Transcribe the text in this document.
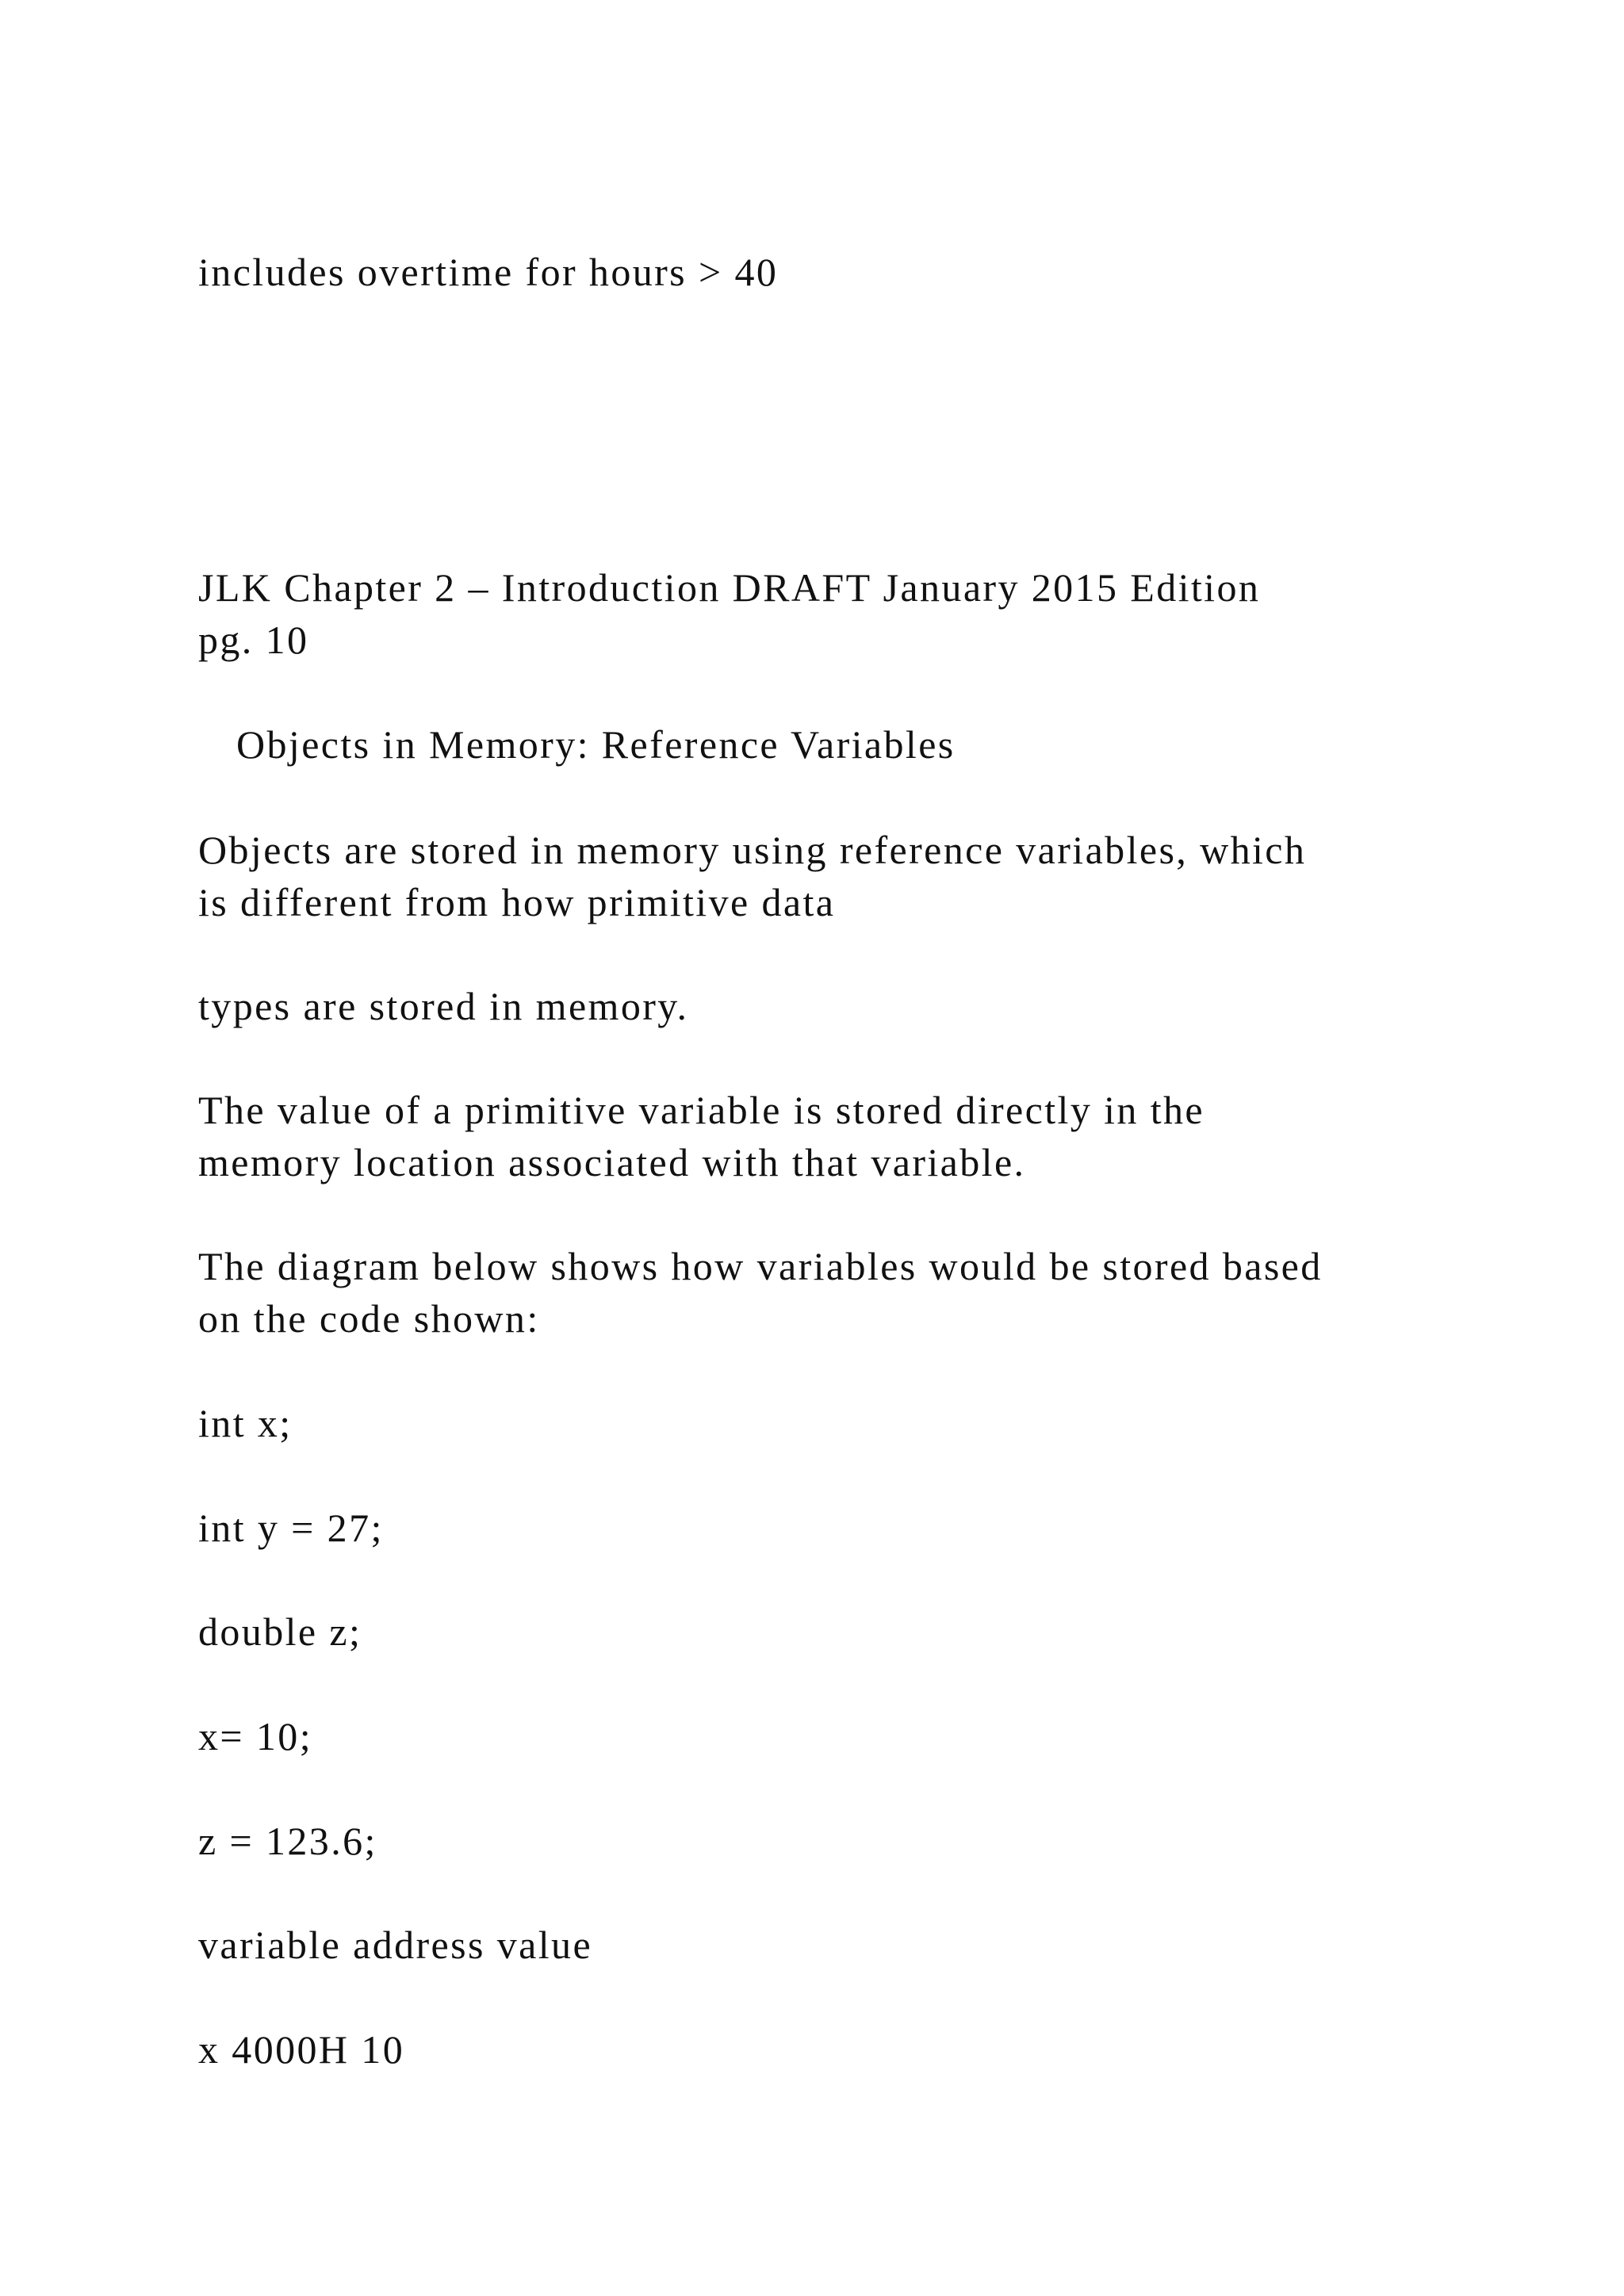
includes overtime for hours > 40
JLK Chapter 2 – Introduction DRAFT January 2015 Edition
pg. 10
Objects in Memory: Reference Variables
Objects are stored in memory using reference variables, which
is different from how primitive data
types are stored in memory.
The value of a primitive variable is stored directly in the
memory location associated with that variable.
The diagram below shows how variables would be stored based
on the code shown:
int x;
int y = 27;
double z;
x= 10;
z = 123.6;
variable address value
x 4000H 10
